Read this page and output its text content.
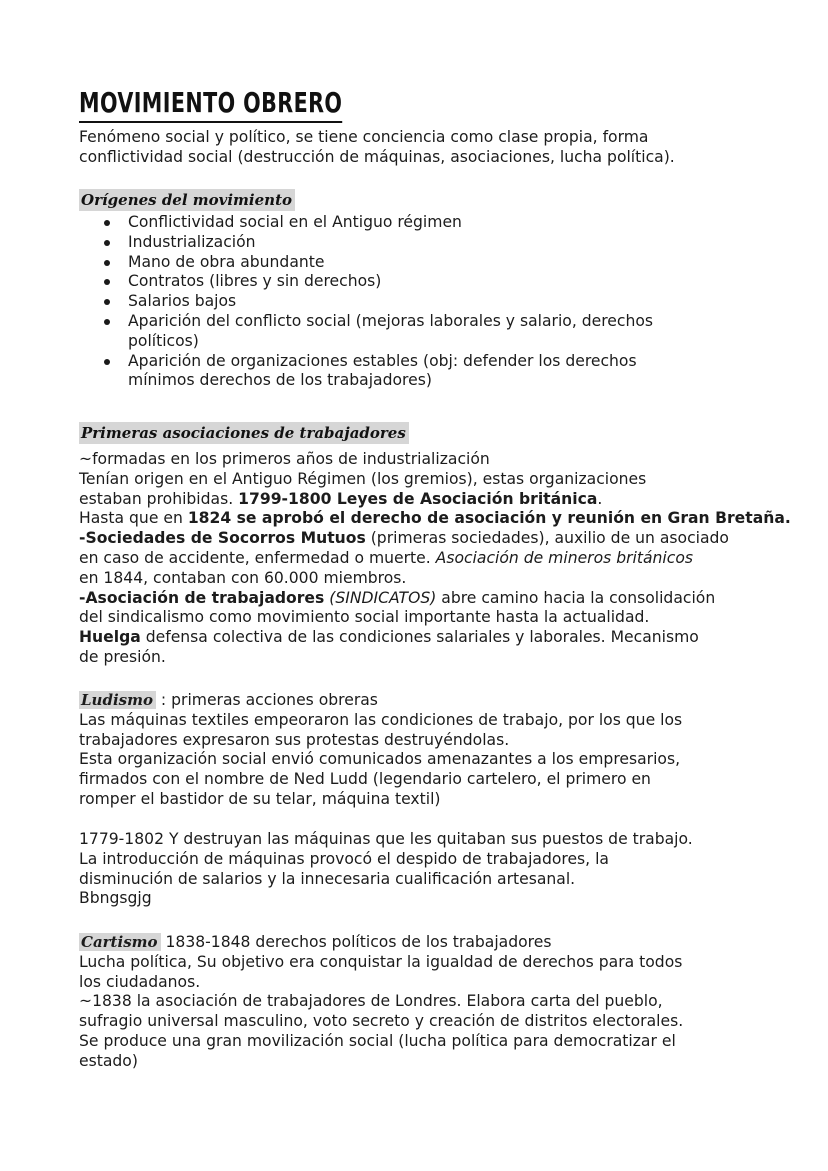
MOVIMIENTO OBRERO
Fenómeno social y político, se tiene conciencia como clase propia, forma
conflictividad social (destrucción de máquinas, asociaciones, lucha política).
Orígenes del movimiento
Conflictividad social en el Antiguo régimen
Industrialización
Mano de obra abundante
Contratos (libres y sin derechos)
Salarios bajos
Aparición del conflicto social (mejoras laborales y salario, derechos
políticos)
Aparición de organizaciones estables (obj: defender los derechos
mínimos derechos de los trabajadores)
Primeras asociaciones de trabajadores
~formadas en los primeros años de industrialización
Tenían origen en el Antiguo Régimen (los gremios), estas organizaciones
estaban prohibidas. 1799-1800 Leyes de Asociación británica.
Hasta que en 1824 se aprobó el derecho de asociación y reunión en Gran Bretaña.
-Sociedades de Socorros Mutuos (primeras sociedades), auxilio de un asociado
en caso de accidente, enfermedad o muerte. Asociación de mineros británicos
en 1844, contaban con 60.000 miembros.
-Asociación de trabajadores (SINDICATOS) abre camino hacia la consolidación
del sindicalismo como movimiento social importante hasta la actualidad.
Huelga defensa colectiva de las condiciones salariales y laborales. Mecanismo
de presión.
Ludismo : primeras acciones obreras
Las máquinas textiles empeoraron las condiciones de trabajo, por los que los
trabajadores expresaron sus protestas destruyéndolas.
Esta organización social envió comunicados amenazantes a los empresarios,
firmados con el nombre de Ned Ludd (legendario cartelero, el primero en
romper el bastidor de su telar, máquina textil)
1779-1802 Y destruyan las máquinas que les quitaban sus puestos de trabajo.
La introducción de máquinas provocó el despido de trabajadores, la
disminución de salarios y la innecesaria cualificación artesanal.
Bbngsgjg
Cartismo 1838-1848 derechos políticos de los trabajadores
Lucha política, Su objetivo era conquistar la igualdad de derechos para todos
los ciudadanos.
~1838 la asociación de trabajadores de Londres. Elabora carta del pueblo,
sufragio universal masculino, voto secreto y creación de distritos electorales.
Se produce una gran movilización social (lucha política para democratizar el
estado)
